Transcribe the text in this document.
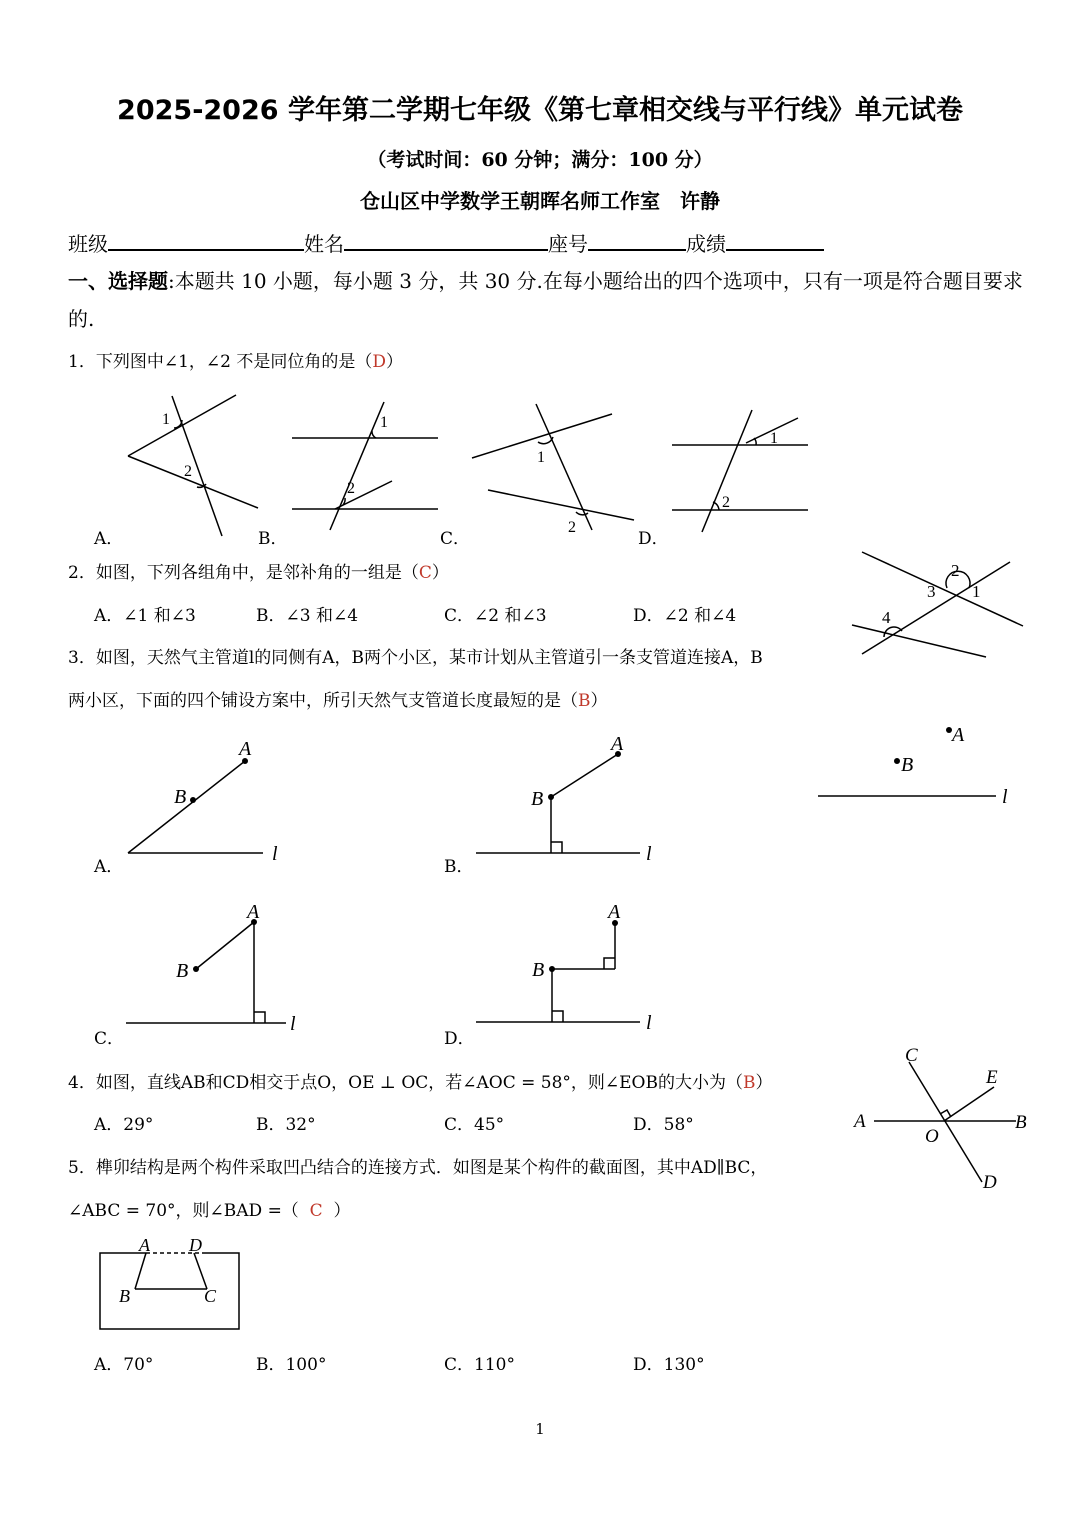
2025-2026 学年第二学期七年级《第七章相交线与平行线》单元试卷
（考试时间：60 分钟；满分：100 分）
仓山区中学数学王朝晖名师工作室　许静
班级	姓名	座号	成绩
一、选择题:本题共 10 小题，每小题 3 分，共 30 分.在每小题给出的四个选项中，只有一项是符合题目要求的.
1．下列图中∠1，∠2 不是同位角的是（D）
1
2
1
2
1
2
1
2
A．	B．	C．	D．
2．如图，下列各组角中，是邻补角的一组是（C）
A．∠1 和∠3	B．∠3 和∠4	C．∠2 和∠3	D．∠2 和∠4
2
3 1
4
3．如图，天然气主管道l的同侧有A，B两个小区，某市计划从主管道引一条支管道连接A，B
两小区，下面的四个铺设方案中，所引天然气支管道长度最短的是（B）
A
B
l
A
B
l
A
B
l
A
B
l
A
B
l
A．	B．
C．	D．
4．如图，直线AB和CD相交于点O，OE ⊥ OC，若∠AOC = 58°，则∠EOB的大小为（B）
A．29°	B．32°	C．45°	D．58°
C
E
A
O
B
D
5．榫卯结构是两个构件采取凹凸结合的连接方式．如图是某个构件的截面图，其中AD∥BC，
∠ABC = 70°，则∠BAD =（ C ）
A D
B	C
A．70°	B．100°	C．110°	D．130°
1
